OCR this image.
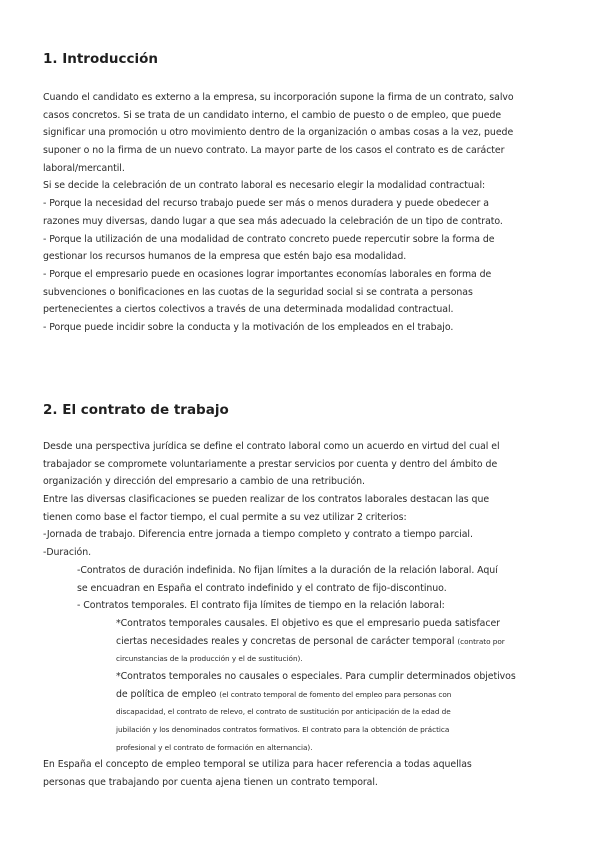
1. Introducción
Cuando el candidato es externo a la empresa, su incorporación supone la firma de un contrato, salvo
casos concretos. Si se trata de un candidato interno, el cambio de puesto o de empleo, que puede
significar una promoción u otro movimiento dentro de la organización o ambas cosas a la vez, puede
suponer o no la firma de un nuevo contrato. La mayor parte de los casos el contrato es de carácter
laboral/mercantil.
Si se decide la celebración de un contrato laboral es necesario elegir la modalidad contractual:
- Porque la necesidad del recurso trabajo puede ser más o menos duradera y puede obedecer a
razones muy diversas, dando lugar a que sea más adecuado la celebración de un tipo de contrato.
- Porque la utilización de una modalidad de contrato concreto puede repercutir sobre la forma de
gestionar los recursos humanos de la empresa que estén bajo esa modalidad.
- Porque el empresario puede en ocasiones lograr importantes economías laborales en forma de
subvenciones o bonificaciones en las cuotas de la seguridad social si se contrata a personas
pertenecientes a ciertos colectivos a través de una determinada modalidad contractual.
- Porque puede incidir sobre la conducta y la motivación de los empleados en el trabajo.
2. El contrato de trabajo
Desde una perspectiva jurídica se define el contrato laboral como un acuerdo en virtud del cual el
trabajador se compromete voluntariamente a prestar servicios por cuenta y dentro del ámbito de
organización y dirección del empresario a cambio de una retribución.
Entre las diversas clasificaciones se pueden realizar de los contratos laborales destacan las que
tienen como base el factor tiempo, el cual permite a su vez utilizar 2 criterios:
-Jornada de trabajo. Diferencia entre jornada a tiempo completo y contrato a tiempo parcial.
-Duración.
-Contratos de duración indefinida. No fijan límites a la duración de la relación laboral. Aquí
se encuadran en España el contrato indefinido y el contrato de fijo-discontinuo.
- Contratos temporales. El contrato fija límites de tiempo en la relación laboral:
*Contratos temporales causales. El objetivo es que el empresario pueda satisfacer
ciertas necesidades reales y concretas de personal de carácter temporal (contrato por
circunstancias de la producción y el de sustitución).
*Contratos temporales no causales o especiales. Para cumplir determinados objetivos
de política de empleo (el contrato temporal de fomento del empleo para personas con
discapacidad, el contrato de relevo, el contrato de sustitución por anticipación de la edad de
jubilación y los denominados contratos formativos. El contrato para la obtención de práctica
profesional y el contrato de formación en alternancia).
En España el concepto de empleo temporal se utiliza para hacer referencia a todas aquellas
personas que trabajando por cuenta ajena tienen un contrato temporal.
